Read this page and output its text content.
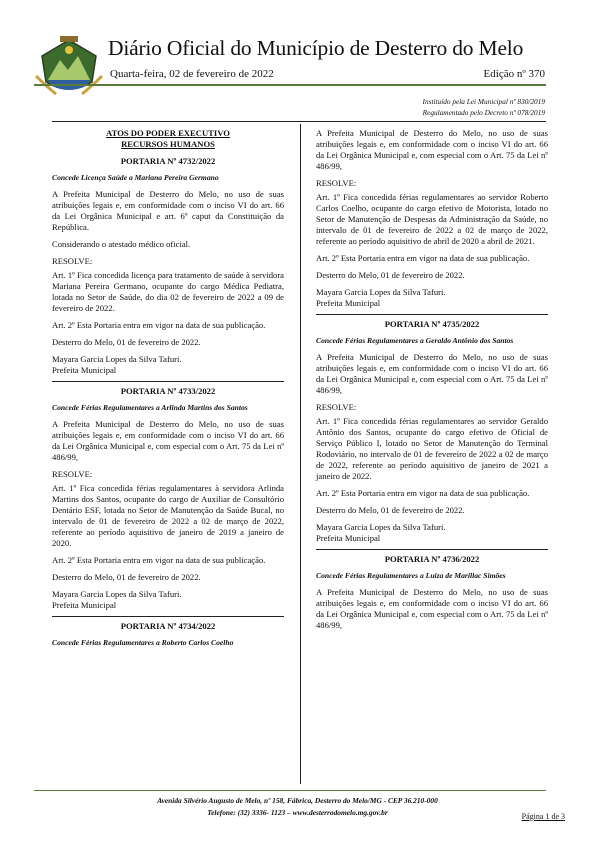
Diário Oficial do Município de Desterro do Melo
Quarta-feira, 02 de fevereiro de 2022	Edição nº 370
Instituído pela Lei Municipal nº 830/2019
Regulamentado pelo Decreto nº 078/2019

ATOS DO PODER EXECUTIVO

RECURSOS HUMANOS

PORTARIA Nº 4732/2022

Concede Licença Saúde a Mariana Pereira Germano

A Prefeita Municipal de Desterro do Melo, no uso de suas atribuições legais e, em conformidade com o inciso VI do art. 66 da Lei Orgânica Municipal e art. 6º caput da Constituição da República.

Considerando o atestado médico oficial.

RESOLVE:

Art. 1º Fica concedida licença para tratamento de saúde à servidora Mariana Pereira Germano, ocupante do cargo Médica Pediatra, lotada no Setor de Saúde, do dia 02 de fevereiro de 2022 a 09 de fevereiro de 2022.

Art. 2º Esta Portaria entra em vigor na data de sua publicação.

Desterro do Melo, 01 de fevereiro de 2022.

Mayara Garcia Lopes da Silva Tafuri.

Prefeita Municipal

PORTARIA Nº 4733/2022

Concede Férias Regulamentares a Arlinda Martins dos Santos

A Prefeita Municipal de Desterro do Melo, no uso de suas atribuições legais e, em conformidade com o inciso VI do art. 66 da Lei Orgânica Municipal e, com especial com o Art. 75 da Lei nº 486/99,

RESOLVE:

Art. 1º Fica concedida férias regulamentares à servidora Arlinda Martins dos Santos, ocupante do cargo de Auxiliar de Consultório Dentário ESF, lotada no Setor de Manutenção da Saúde Bucal, no intervalo de 01 de fevereiro de 2022 a 02 de março de 2022, referente ao período aquisitivo de janeiro de 2019 a janeiro de 2020.

Art. 2º Esta Portaria entra em vigor na data de sua publicação.

Desterro do Melo, 01 de fevereiro de 2022.

Mayara Garcia Lopes da Silva Tafuri.

Prefeita Municipal

PORTARIA Nº 4734/2022

Concede Férias Regulamentares a Roberto Carlos Coelho

A Prefeita Municipal de Desterro do Melo, no uso de suas atribuições legais e, em conformidade com o inciso VI do art. 66 da Lei Orgânica Municipal e, com especial com o Art. 75 da Lei nº 486/99,

RESOLVE:

Art. 1º Fica concedida férias regulamentares ao servidor Roberto Carlos Coelho, ocupante do cargo efetivo de Motorista, lotado no Setor de Manutenção de Despesas da Administração da Saúde, no intervalo de 01 de fevereiro de 2022 a 02 de março de 2022, referente ao período aquisitivo de abril de 2020 a abril de 2021.

Art. 2º Esta Portaria entra em vigor na data de sua publicação.

Desterro do Melo, 01 de fevereiro de 2022.

Mayara Garcia Lopes da Silva Tafuri.

Prefeita Municipal

PORTARIA Nº 4735/2022

Concede Férias Regulamentares a Geraldo Antônio dos Santos

A Prefeita Municipal de Desterro do Melo, no uso de suas atribuições legais e, em conformidade com o inciso VI do art. 66 da Lei Orgânica Municipal e, com especial com o Art. 75 da Lei nº 486/99,

RESOLVE:

Art. 1º Fica concedida férias regulamentares ao servidor Geraldo Antônio dos Santos, ocupante do cargo efetivo de Oficial de Serviço Público I, lotado no Setor de Manutenção do Terminal Rodoviário, no intervalo de 01 de fevereiro de 2022 a 02 de março de 2022, referente ao período aquisitivo de janeiro de 2021 a janeiro de 2022.

Art. 2º Esta Portaria entra em vigor na data de sua publicação.

Desterro do Melo, 01 de fevereiro de 2022.

Mayara Garcia Lopes da Silva Tafuri.

Prefeita Municipal

PORTARIA Nº 4736/2022

Concede Férias Regulamentares a Luiza de Marillac Simões

A Prefeita Municipal de Desterro do Melo, no uso de suas atribuições legais e, em conformidade com o inciso VI do art. 66 da Lei Orgânica Municipal e, com especial com o Art. 75 da Lei nº 486/99,

Avenida Silvério Augusto de Melo, nº 158, Fábrica, Desterro do Melo/MG - CEP 36.210-000
Telefone: (32) 3336- 1123 – www.desterrodomelo.mg.gov.br	Página 1 de 3
